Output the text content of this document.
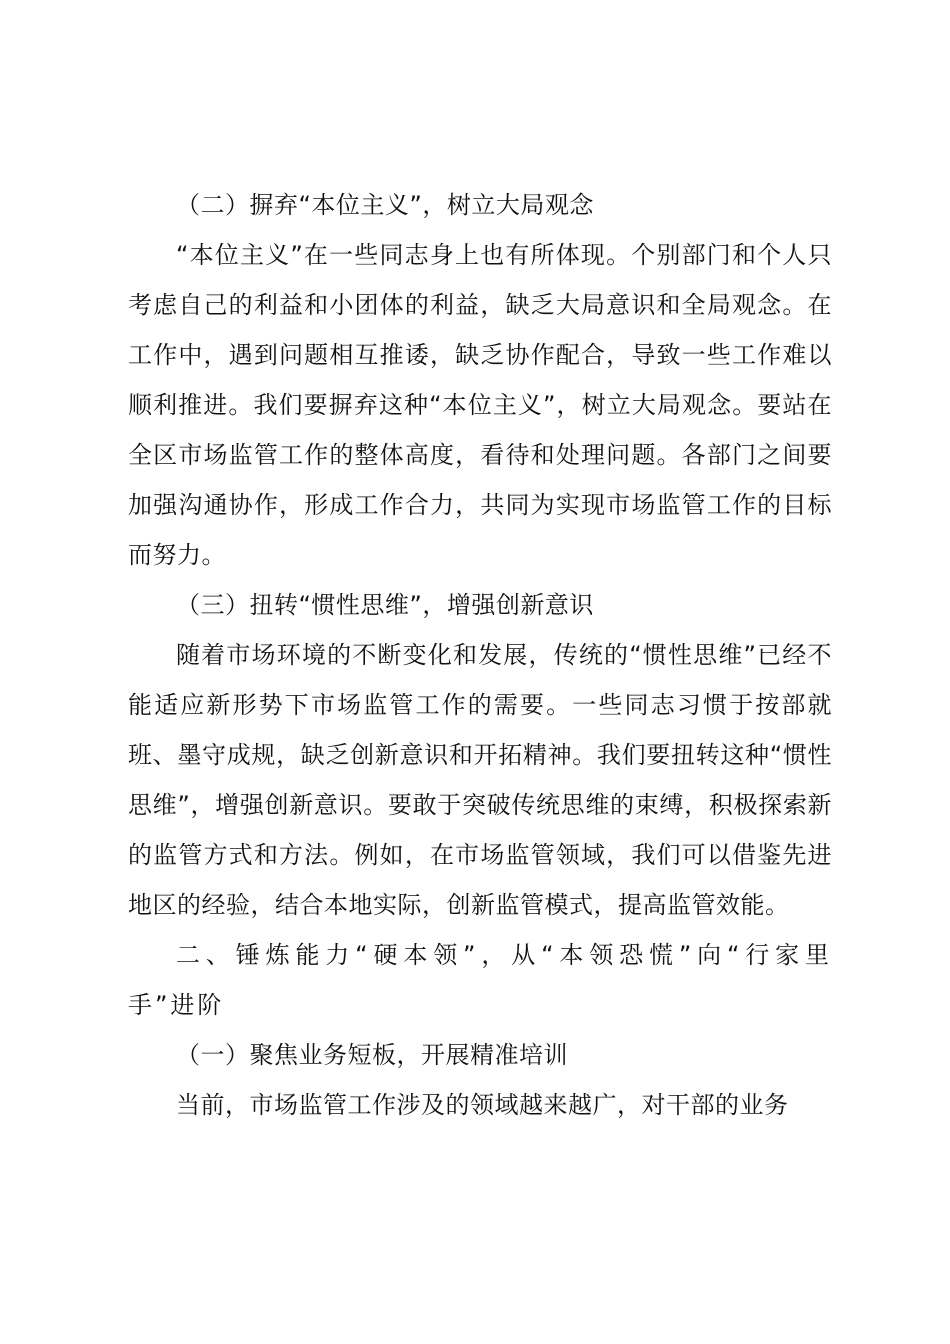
（二）摒弃“本位主义”，树立大局观念

“本位主义”在一些同志身上也有所体现。个别部门和个人只考虑自己的利益和小团体的利益，缺乏大局意识和全局观念。在工作中，遇到问题相互推诿，缺乏协作配合，导致一些工作难以顺利推进。我们要摒弃这种“本位主义”，树立大局观念。要站在全区市场监管工作的整体高度，看待和处理问题。各部门之间要加强沟通协作，形成工作合力，共同为实现市场监管工作的目标而努力。

（三）扭转“惯性思维”，增强创新意识

随着市场环境的不断变化和发展，传统的“惯性思维”已经不能适应新形势下市场监管工作的需要。一些同志习惯于按部就班、墨守成规，缺乏创新意识和开拓精神。我们要扭转这种“惯性思维”，增强创新意识。要敢于突破传统思维的束缚，积极探索新的监管方式和方法。例如，在市场监管领域，我们可以借鉴先进地区的经验，结合本地实际，创新监管模式，提高监管效能。

二、锤炼能力“硬本领”，从“本领恐慌”向“行家里手”进阶

（一）聚焦业务短板，开展精准培训

当前，市场监管工作涉及的领域越来越广，对干部的业务
